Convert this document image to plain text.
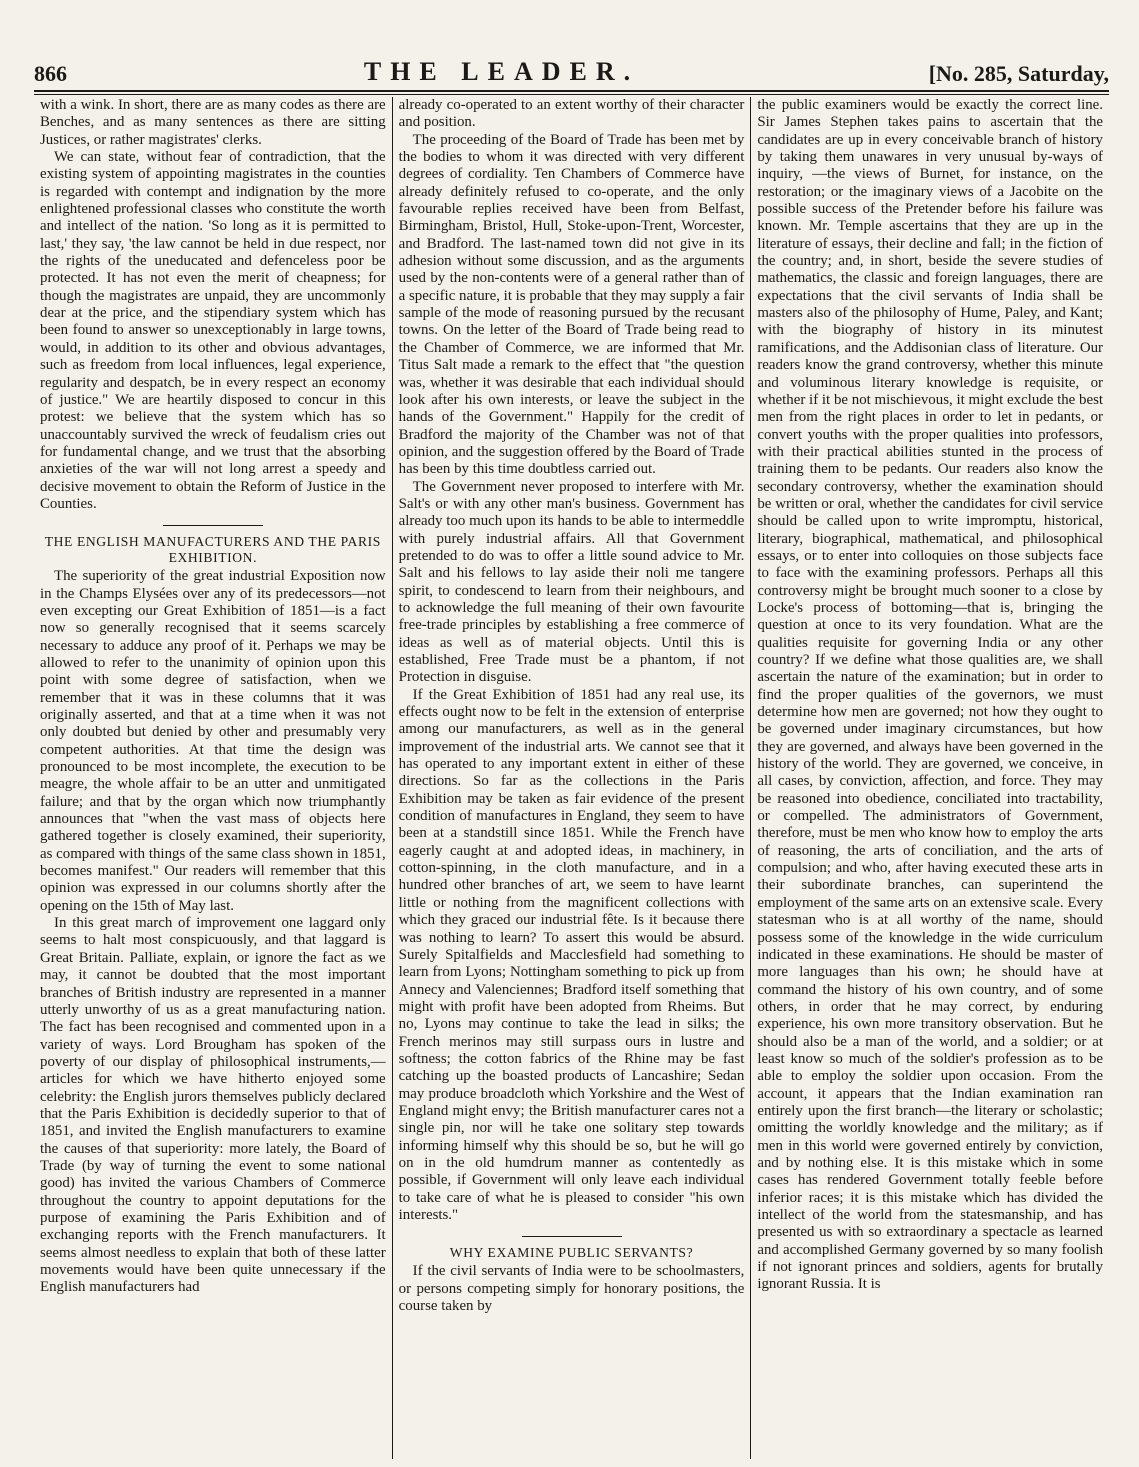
866	THE LEADER.	[No. 285, Saturday,

with a wink. In short, there are as many codes as there are Benches, and as many sentences as there are sitting Justices, or rather magistrates' clerks.

We can state, without fear of contradiction, that the existing system of appointing magistrates in the counties is regarded with contempt and indignation by the more enlightened professional classes who constitute the worth and intellect of the nation. 'So long as it is permitted to last,' they say, 'the law cannot be held in due respect, nor the rights of the uneducated and defenceless poor be protected. It has not even the merit of cheapness; for though the magistrates are unpaid, they are uncommonly dear at the price, and the stipendiary system which has been found to answer so unexceptionably in large towns, would, in addition to its other and obvious advantages, such as freedom from local influences, legal experience, regularity and despatch, be in every respect an economy of justice." We are heartily disposed to concur in this protest: we believe that the system which has so unaccountably survived the wreck of feudalism cries out for fundamental change, and we trust that the absorbing anxieties of the war will not long arrest a speedy and decisive movement to obtain the Reform of Justice in the Counties.

THE ENGLISH MANUFACTURERS AND THE PARIS EXHIBITION.

The superiority of the great industrial Exposition now in the Champs Elysées over any of its predecessors—not even excepting our Great Exhibition of 1851—is a fact now so generally recognised that it seems scarcely necessary to adduce any proof of it. Perhaps we may be allowed to refer to the unanimity of opinion upon this point with some degree of satisfaction, when we remember that it was in these columns that it was originally asserted, and that at a time when it was not only doubted but denied by other and presumably very competent authorities. At that time the design was pronounced to be most incomplete, the execution to be meagre, the whole affair to be an utter and unmitigated failure; and that by the organ which now triumphantly announces that "when the vast mass of objects here gathered together is closely examined, their superiority, as compared with things of the same class shown in 1851, becomes manifest." Our readers will remember that this opinion was expressed in our columns shortly after the opening on the 15th of May last.

In this great march of improvement one laggard only seems to halt most conspicuously, and that laggard is Great Britain. Palliate, explain, or ignore the fact as we may, it cannot be doubted that the most important branches of British industry are represented in a manner utterly unworthy of us as a great manufacturing nation. The fact has been recognised and commented upon in a variety of ways. Lord Brougham has spoken of the poverty of our display of philosophical instruments,—articles for which we have hitherto enjoyed some celebrity: the English jurors themselves publicly declared that the Paris Exhibition is decidedly superior to that of 1851, and invited the English manufacturers to examine the causes of that superiority: more lately, the Board of Trade (by way of turning the event to some national good) has invited the various Chambers of Commerce throughout the country to appoint deputations for the purpose of examining the Paris Exhibition and of exchanging reports with the French manufacturers. It seems almost needless to explain that both of these latter movements would have been quite unnecessary if the English manufacturers had

already co-operated to an extent worthy of their character and position.

The proceeding of the Board of Trade has been met by the bodies to whom it was directed with very different degrees of cordiality. Ten Chambers of Commerce have already definitely refused to co-operate, and the only favourable replies received have been from Belfast, Birmingham, Bristol, Hull, Stoke-upon-Trent, Worcester, and Bradford. The last-named town did not give in its adhesion without some discussion, and as the arguments used by the non-contents were of a general rather than of a specific nature, it is probable that they may supply a fair sample of the mode of reasoning pursued by the recusant towns. On the letter of the Board of Trade being read to the Chamber of Commerce, we are informed that Mr. Titus Salt made a remark to the effect that "the question was, whether it was desirable that each individual should look after his own interests, or leave the subject in the hands of the Government." Happily for the credit of Bradford the majority of the Chamber was not of that opinion, and the suggestion offered by the Board of Trade has been by this time doubtless carried out.

The Government never proposed to interfere with Mr. Salt's or with any other man's business. Government has already too much upon its hands to be able to intermeddle with purely industrial affairs. All that Government pretended to do was to offer a little sound advice to Mr. Salt and his fellows to lay aside their noli me tangere spirit, to condescend to learn from their neighbours, and to acknowledge the full meaning of their own favourite free-trade principles by establishing a free commerce of ideas as well as of material objects. Until this is established, Free Trade must be a phantom, if not Protection in disguise.

If the Great Exhibition of 1851 had any real use, its effects ought now to be felt in the extension of enterprise among our manufacturers, as well as in the general improvement of the industrial arts. We cannot see that it has operated to any important extent in either of these directions. So far as the collections in the Paris Exhibition may be taken as fair evidence of the present condition of manufactures in England, they seem to have been at a standstill since 1851. While the French have eagerly caught at and adopted ideas, in machinery, in cotton-spinning, in the cloth manufacture, and in a hundred other branches of art, we seem to have learnt little or nothing from the magnificent collections with which they graced our industrial fête. Is it because there was nothing to learn? To assert this would be absurd. Surely Spitalfields and Macclesfield had something to learn from Lyons; Nottingham something to pick up from Annecy and Valenciennes; Bradford itself something that might with profit have been adopted from Rheims. But no, Lyons may continue to take the lead in silks; the French merinos may still surpass ours in lustre and softness; the cotton fabrics of the Rhine may be fast catching up the boasted products of Lancashire; Sedan may produce broadcloth which Yorkshire and the West of England might envy; the British manufacturer cares not a single pin, nor will he take one solitary step towards informing himself why this should be so, but he will go on in the old humdrum manner as contentedly as possible, if Government will only leave each individual to take care of what he is pleased to consider "his own interests."

WHY EXAMINE PUBLIC SERVANTS?

If the civil servants of India were to be schoolmasters, or persons competing simply for honorary positions, the course taken by

the public examiners would be exactly the correct line. Sir James Stephen takes pains to ascertain that the candidates are up in every conceivable branch of history by taking them unawares in very unusual by-ways of inquiry, —the views of Burnet, for instance, on the restoration; or the imaginary views of a Jacobite on the possible success of the Pretender before his failure was known. Mr. Temple ascertains that they are up in the literature of essays, their decline and fall; in the fiction of the country; and, in short, beside the severe studies of mathematics, the classic and foreign languages, there are expectations that the civil servants of India shall be masters also of the philosophy of Hume, Paley, and Kant; with the biography of history in its minutest ramifications, and the Addisonian class of literature. Our readers know the grand controversy, whether this minute and voluminous literary knowledge is requisite, or whether if it be not mischievous, it might exclude the best men from the right places in order to let in pedants, or convert youths with the proper qualities into professors, with their practical abilities stunted in the process of training them to be pedants. Our readers also know the secondary controversy, whether the examination should be written or oral, whether the candidates for civil service should be called upon to write impromptu, historical, literary, biographical, mathematical, and philosophical essays, or to enter into colloquies on those subjects face to face with the examining professors. Perhaps all this controversy might be brought much sooner to a close by Locke's process of bottoming—that is, bringing the question at once to its very foundation. What are the qualities requisite for governing India or any other country? If we define what those qualities are, we shall ascertain the nature of the examination; but in order to find the proper qualities of the governors, we must determine how men are governed; not how they ought to be governed under imaginary circumstances, but how they are governed, and always have been governed in the history of the world. They are governed, we conceive, in all cases, by conviction, affection, and force. They may be reasoned into obedience, conciliated into tractability, or compelled. The administrators of Government, therefore, must be men who know how to employ the arts of reasoning, the arts of conciliation, and the arts of compulsion; and who, after having executed these arts in their subordinate branches, can superintend the employment of the same arts on an extensive scale. Every statesman who is at all worthy of the name, should possess some of the knowledge in the wide curriculum indicated in these examinations. He should be master of more languages than his own; he should have at command the history of his own country, and of some others, in order that he may correct, by enduring experience, his own more transitory observation. But he should also be a man of the world, and a soldier; or at least know so much of the soldier's profession as to be able to employ the soldier upon occasion. From the account, it appears that the Indian examination ran entirely upon the first branch—the literary or scholastic; omitting the worldly knowledge and the military; as if men in this world were governed entirely by conviction, and by nothing else. It is this mistake which in some cases has rendered Government totally feeble before inferior races; it is this mistake which has divided the intellect of the world from the statesmanship, and has presented us with so extraordinary a spectacle as learned and accomplished Germany governed by so many foolish if not ignorant princes and soldiers, agents for brutally ignorant Russia. It is
